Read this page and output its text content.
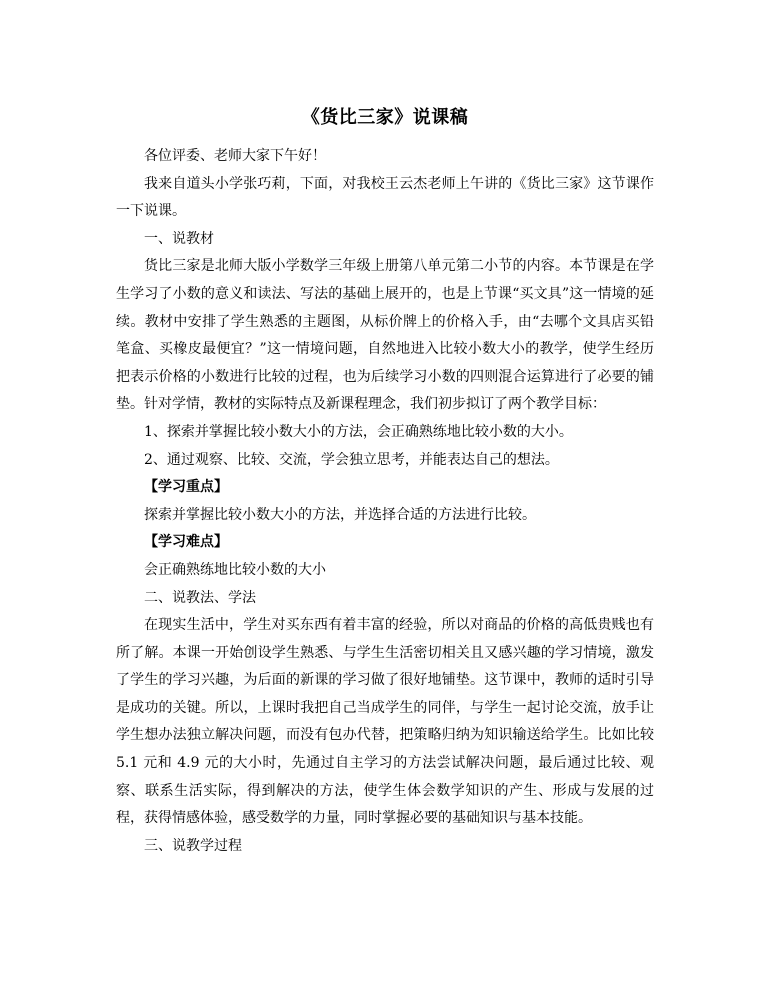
《货比三家》说课稿

各位评委、老师大家下午好！

我来自道头小学张巧莉，下面，对我校王云杰老师上午讲的《货比三家》这节课作一下说课。

一、说教材

货比三家是北师大版小学数学三年级上册第八单元第二小节的内容。本节课是在学生学习了小数的意义和读法、写法的基础上展开的，也是上节课“买文具”这一情境的延续。教材中安排了学生熟悉的主题图，从标价牌上的价格入手，由“去哪个文具店买铅笔盒、买橡皮最便宜？”这一情境问题，自然地进入比较小数大小的教学，使学生经历把表示价格的小数进行比较的过程，也为后续学习小数的四则混合运算进行了必要的铺垫。针对学情，教材的实际特点及新课程理念，我们初步拟订了两个教学目标：

1、探索并掌握比较小数大小的方法，会正确熟练地比较小数的大小。

2、通过观察、比较、交流，学会独立思考，并能表达自己的想法。

【学习重点】

探索并掌握比较小数大小的方法，并选择合适的方法进行比较。

【学习难点】

会正确熟练地比较小数的大小

二、说教法、学法

在现实生活中，学生对买东西有着丰富的经验，所以对商品的价格的高低贵贱也有所了解。本课一开始创设学生熟悉、与学生生活密切相关且又感兴趣的学习情境，激发了学生的学习兴趣，为后面的新课的学习做了很好地铺垫。这节课中，教师的适时引导是成功的关键。所以，上课时我把自己当成学生的同伴，与学生一起讨论交流，放手让学生想办法独立解决问题，而没有包办代替，把策略归纳为知识输送给学生。比如比较 5.1 元和 4.9 元的大小时，先通过自主学习的方法尝试解决问题，最后通过比较、观察、联系生活实际，得到解决的方法，使学生体会数学知识的产生、形成与发展的过程，获得情感体验，感受数学的力量，同时掌握必要的基础知识与基本技能。

三、说教学过程
